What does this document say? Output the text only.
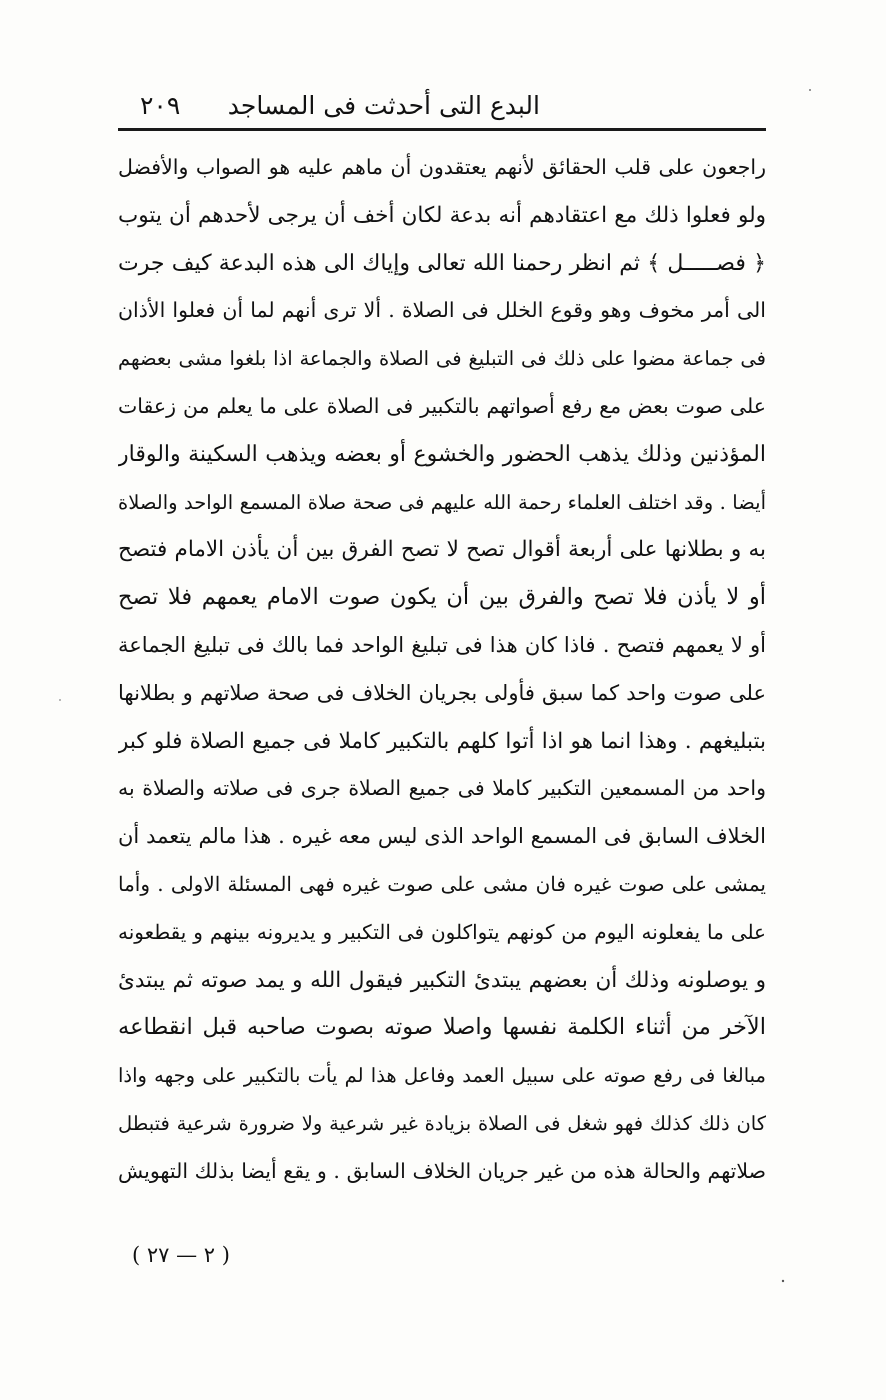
البدع التى أحدثت فى المساجد
٢٠٩
راجعون على قلب الحقائق لأنهم يعتقدون أن ماهم عليه هو الصواب والأفضل
ولو فعلوا ذلك مع اعتقادهم أنه بدعة لكان أخف أن يرجى لأحدهم أن يتوب
﴿ فصـــــل ﴾ ثم انظر رحمنا الله تعالى وإياك الى هذه البدعة كيف جرت
الى أمر مخوف وهو وقوع الخلل فى الصلاة . ألا ترى أنهم لما أن فعلوا الأذان
فى جماعة مضوا على ذلك فى التبليغ فى الصلاة والجماعة اذا بلغوا مشى بعضهم
على صوت بعض مع رفع أصواتهم بالتكبير فى الصلاة على ما يعلم من زعقات
المؤذنين وذلك يذهب الحضور والخشوع أو بعضه ويذهب السكينة والوقار
أيضا . وقد اختلف العلماء رحمة الله عليهم فى صحة صلاة المسمع الواحد والصلاة
به و بطلانها على أربعة أقوال تصح لا تصح الفرق بين أن يأذن الامام فتصح
أو لا يأذن فلا تصح والفرق بين أن يكون صوت الامام يعمهم فلا تصح
أو لا يعمهم فتصح . فاذا كان هذا فى تبليغ الواحد فما بالك فى تبليغ الجماعة
على صوت واحد كما سبق فأولى بجريان الخلاف فى صحة صلاتهم و بطلانها
بتبليغهم . وهذا انما هو اذا أتوا كلهم بالتكبير كاملا فى جميع الصلاة فلو كبر
واحد من المسمعين التكبير كاملا فى جميع الصلاة جرى فى صلاته والصلاة به
الخلاف السابق فى المسمع الواحد الذى ليس معه غيره . هذا مالم يتعمد أن
يمشى على صوت غيره فان مشى على صوت غيره فهى المسئلة الاولى . وأما
على ما يفعلونه اليوم من كونهم يتواكلون فى التكبير و يديرونه بينهم و يقطعونه
و يوصلونه وذلك أن بعضهم يبتدئ التكبير فيقول الله و يمد صوته ثم يبتدئ
الآخر من أثناء الكلمة نفسها واصلا صوته بصوت صاحبه قبل انقطاعه
مبالغا فى رفع صوته على سبيل العمد وفاعل هذا لم يأت بالتكبير على وجهه واذا
كان ذلك كذلك فهو شغل فى الصلاة بزيادة غير شرعية ولا ضرورة شرعية فتبطل
صلاتهم والحالة هذه من غير جريان الخلاف السابق . و يقع أيضا بذلك التهويش
( ٢ — ٢٧ )
